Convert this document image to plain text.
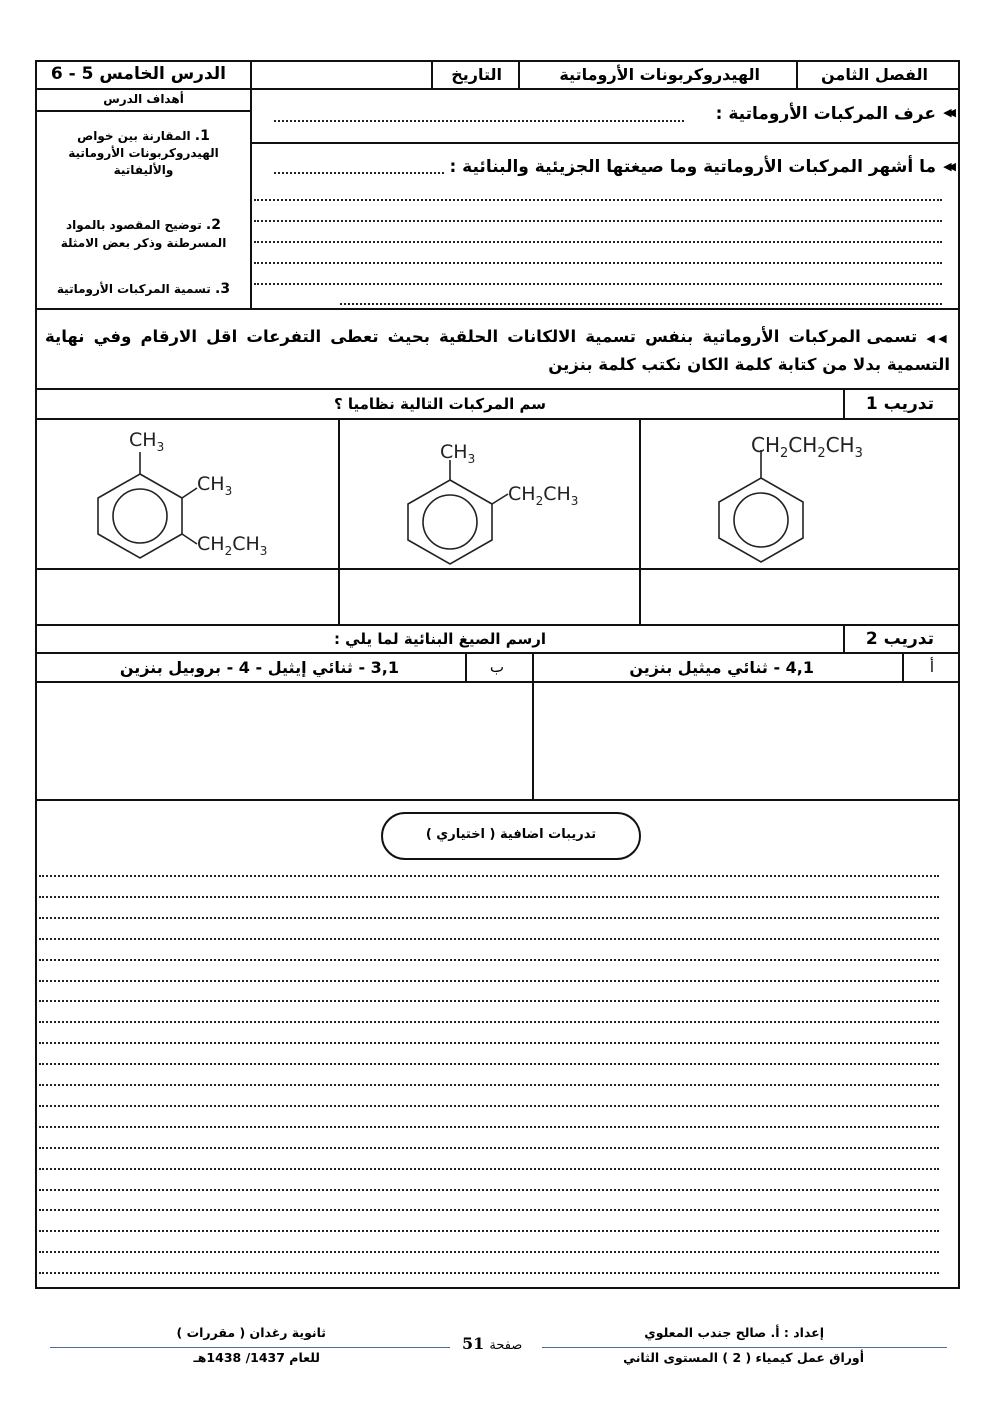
الفصل الثامن
الهيدروكربونات الأروماتية
التاريخ
الدرس الخامس 5 - 6
أهداف الدرس
1. المقارنة بين خواص الهيدروكربونات الأروماتية والأليفاتية
2. توضيح المقصود بالمواد المسرطنة وذكر بعض الامثلة
3. تسمية المركبات الأروماتية
◀◀
عرف المركبات الأروماتية :
◀◀
ما أشهر المركبات الأروماتية وما صيغتها الجزيئية والبنائية :
◀◀ تسمى المركبات الأروماتية بنفس تسمية الالكانات الحلقية بحيث تعطى التفرعات اقل الارقام وفي نهاية التسمية بدلا من كتابة كلمة الكان نكتب كلمة بنزين
سم المركبات التالية نظاميا ؟	تدريب 1
$CH_2CH_2CH_3$
$CH_3$
$CH_2CH_3$
$CH_3$
$CH_3$
$CH_2CH_3$
ارسم الصيغ البنائية لما يلي :	تدريب 2
أ
4,1 - ثنائي ميثيل بنزين
ب
3,1 - ثنائي إيثيل - 4 - بروبيل بنزين
تدريبات اضافية ( اختياري )
إعداد : أ. صالح جندب المعلوي
أوراق عمل كيمياء ( 2 ) المستوى الثاني
ثانوية رغدان ( مقررات )
للعام 1437/ 1438هـ
صفحة 51
